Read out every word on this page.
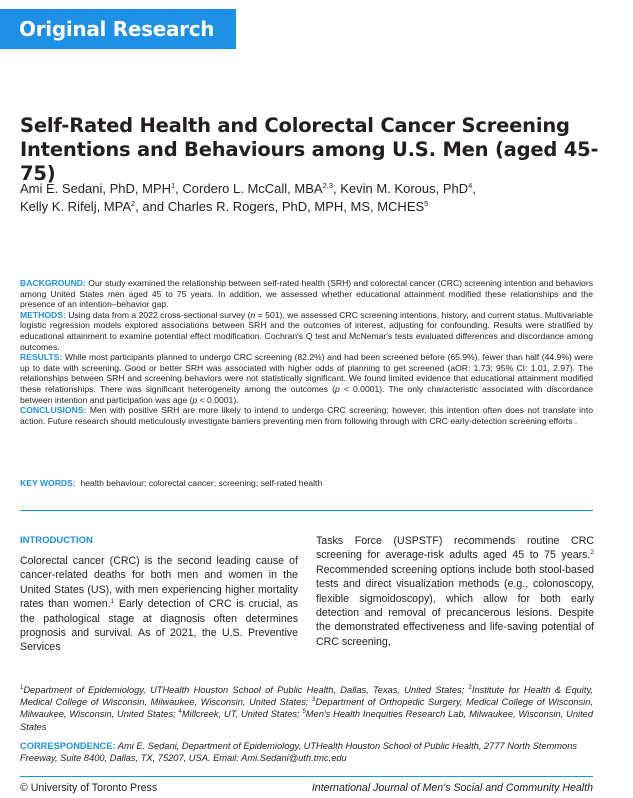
Original Research
Self-Rated Health and Colorectal Cancer Screening Intentions and Behaviours among U.S. Men (aged 45-75)
Ami E. Sedani, PhD, MPH$^1$, Cordero L. McCall, MBA$^{2,3}$, Kevin M. Korous, PhD$^4$,
Kelly K. Rifelj, MPA$^2$, and Charles R. Rogers, PhD, MPH, MS, MCHES$^5$

BACKGROUND: Our study examined the relationship between self-rated health (SRH) and colorectal cancer (CRC) screening intention and behaviors among United States men aged 45 to 75 years. In addition, we assessed whether educational attainment modified these relationships and the presence of an intention–behavior gap.

METHODS: Using data from a 2022 cross-sectional survey (n = 501), we assessed CRC screening intentions, history, and current status. Multivariable logistic regression models explored associations between SRH and the outcomes of interest, adjusting for confounding. Results were stratified by educational attainment to examine potential effect modification. Cochran's Q test and McNemar's tests evaluated differences and discordance among outcomes.

RESULTS: While most participants planned to undergo CRC screening (82.2%) and had been screened before (65.9%), fewer than half (44.9%) were up to date with screening. Good or better SRH was associated with higher odds of planning to get screened (aOR: 1.73; 95% CI: 1.01, 2.97). The relationships between SRH and screening behaviors were not statistically significant. We found limited evidence that educational attainment modified these relationships. There was significant heterogeneity among the outcomes (p < 0.0001). The only characteristic associated with discordance between intention and participation was age (p < 0.0001).

CONCLUSIONS: Men with positive SRH are more likely to intend to undergo CRC screening; however, this intention often does not translate into action. Future research should meticulously investigate barriers preventing men from following through with CRC early-detection screening efforts .

KEY WORDS: health behaviour; colorectal cancer; screening; self-rated health
INTRODUCTION

Colorectal cancer (CRC) is the second leading cause of cancer-related deaths for both men and women in the United States (US), with men experiencing higher mortality rates than women.$^1$ Early detection of CRC is crucial, as the pathological stage at diagnosis often determines prognosis and survival. As of 2021, the U.S. Preventive Services

Tasks Force (USPSTF) recommends routine CRC screening for average-risk adults aged 45 to 75 years.$^2$ Recommended screening options include both stool-based tests and direct visualization methods (e.g., colonoscopy, flexible sigmoidoscopy), which allow for both early detection and removal of precancerous lesions. Despite the demonstrated effectiveness and life-saving potential of CRC screening,

$^1$Department of Epidemiology, UTHealth Houston School of Public Health, Dallas, Texas, United States; $^2$Institute for Health & Equity, Medical College of Wisconsin, Milwaukee, Wisconsin, United States; $^3$Department of Orthopedic Surgery, Medical College of Wisconsin, Milwaukee, Wisconsin, United States; $^4$Millcreek, UT, United States; $^5$Men's Health Inequities Research Lab, Milwaukee, Wisconsin, United States
CORRESPONDENCE: Ami E. Sedani, Department of Epidemiology, UTHealth Houston School of Public Health, 2777 North Stemmons Freeway, Suite 8400, Dallas, TX, 75207, USA. Email: Ami.Sedani@uth.tmc.edu
© University of Toronto Press	International Journal of Men's Social and Community Health
